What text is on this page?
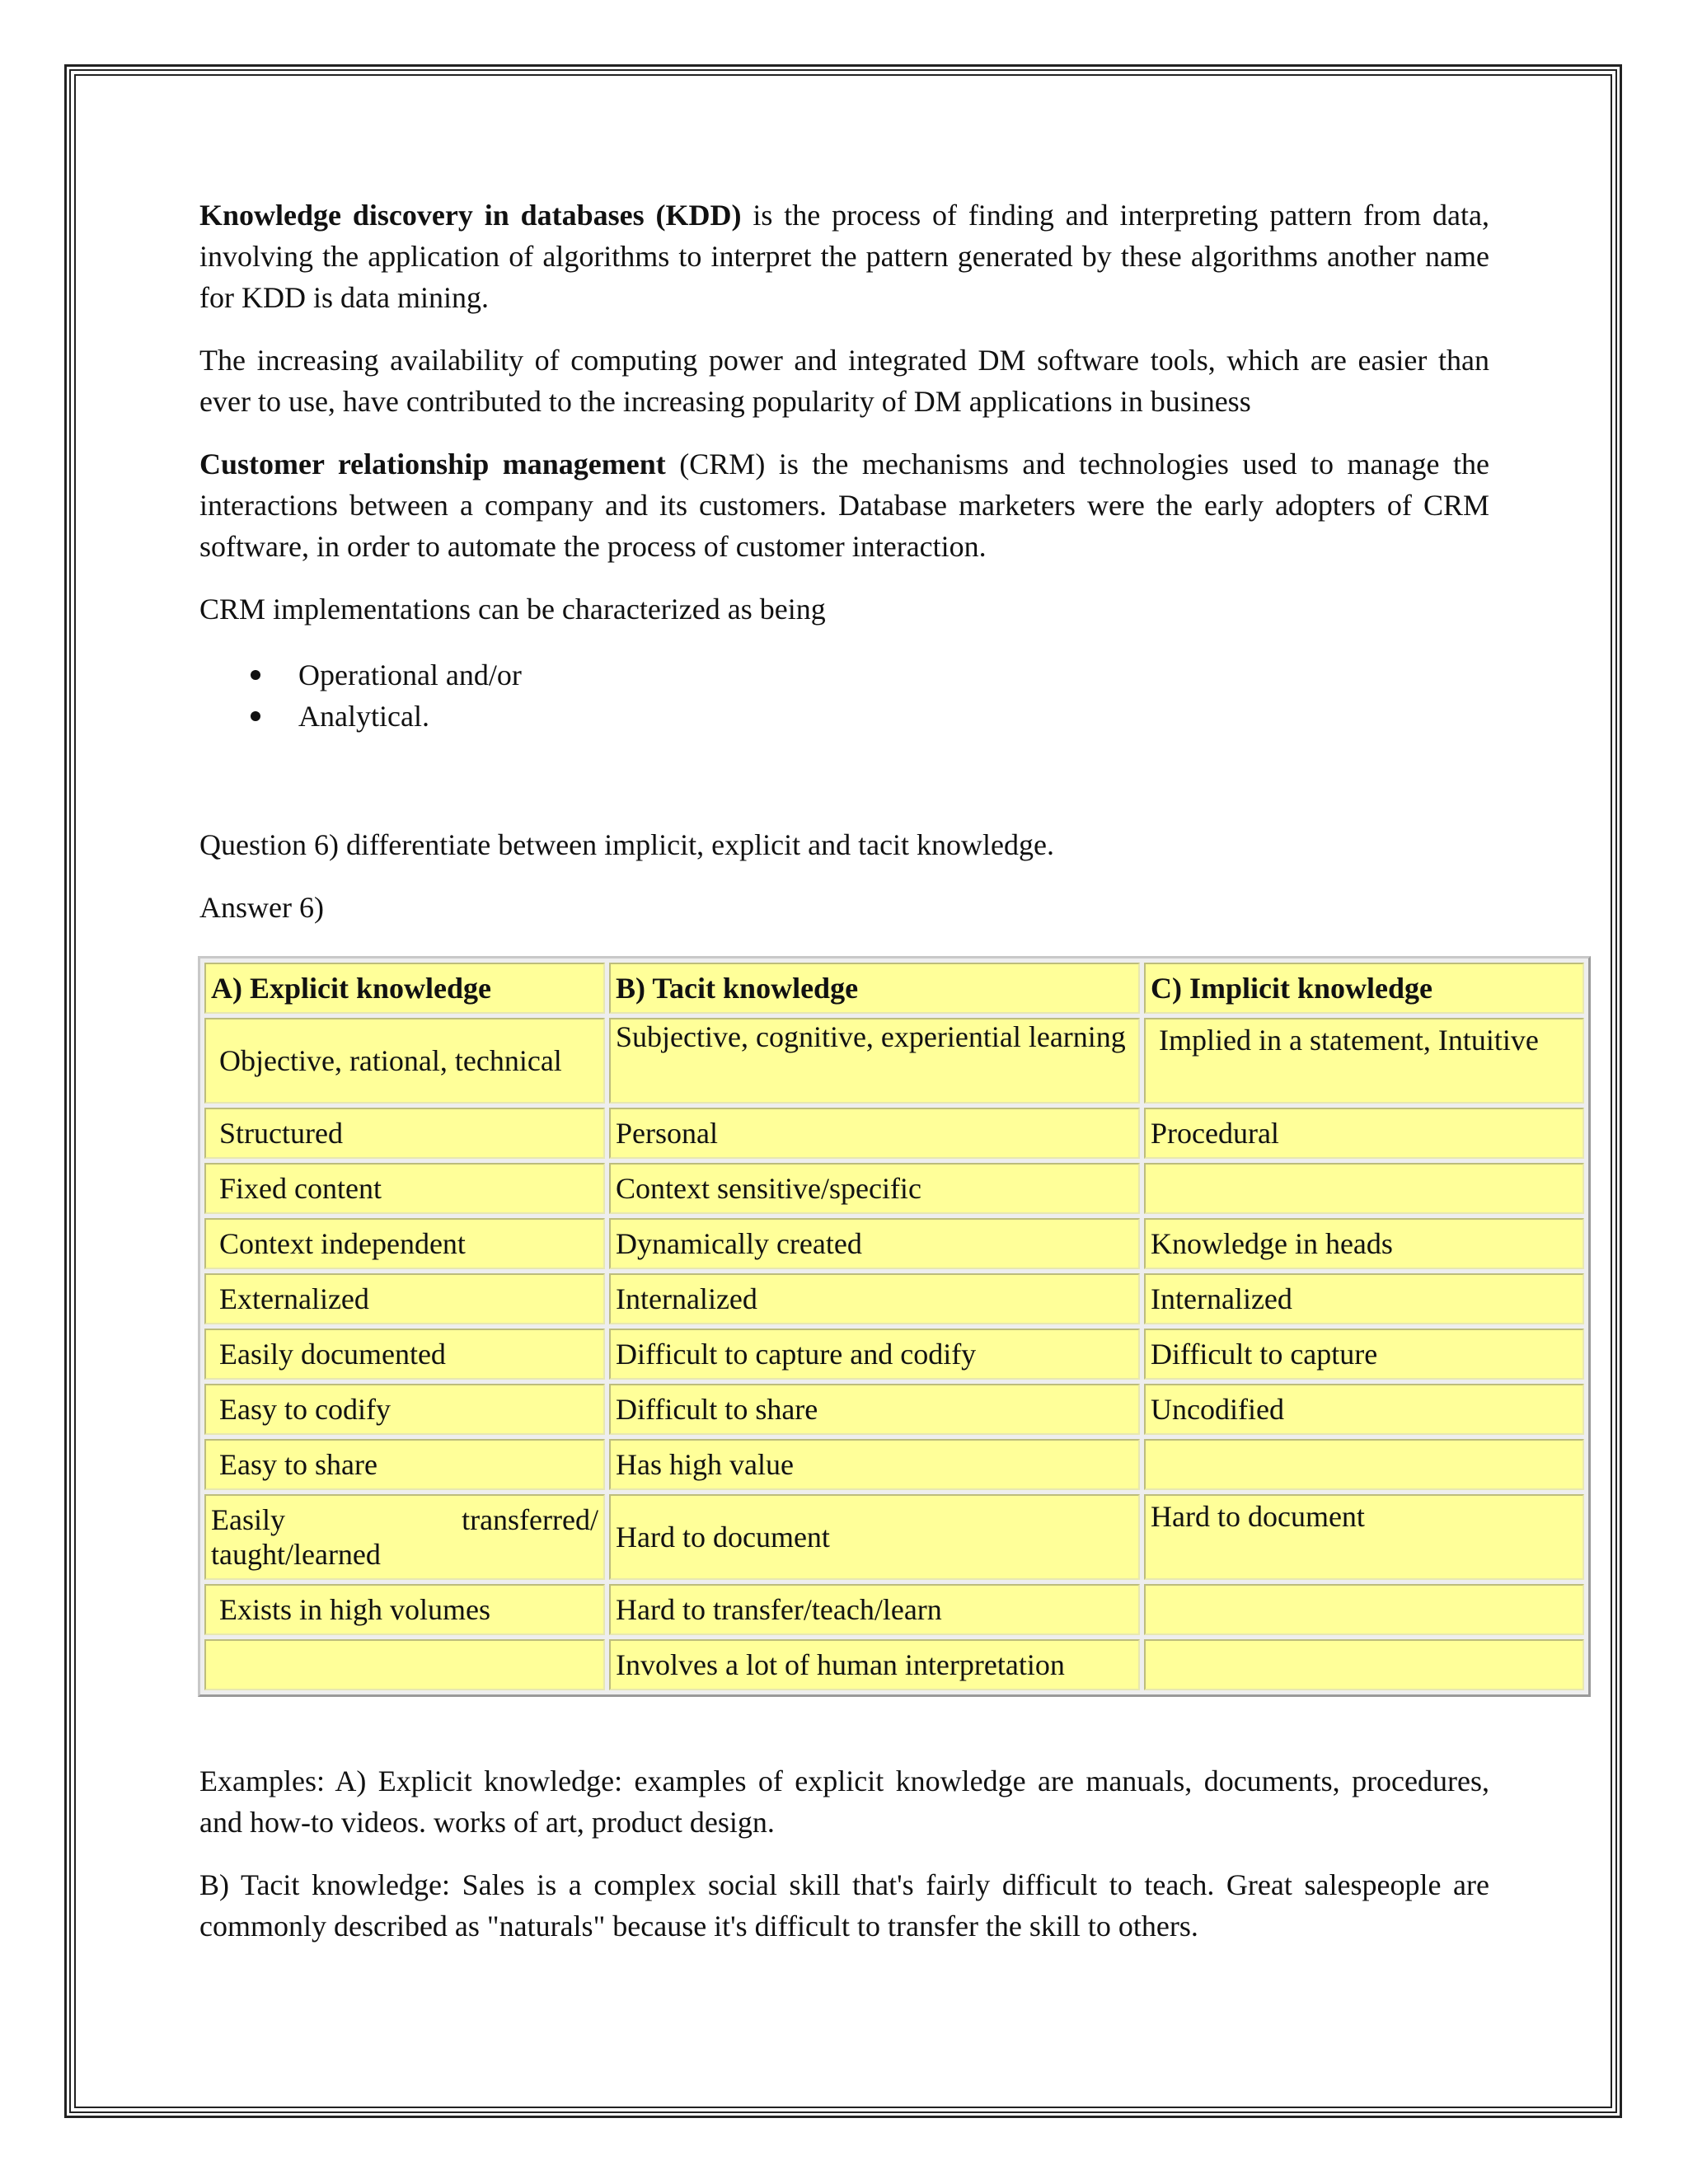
Knowledge discovery in databases (KDD) is the process of finding and interpreting pattern from data, involving the application of algorithms to interpret the pattern generated by these algorithms another name for KDD is data mining.

The increasing availability of computing power and integrated DM software tools, which are easier than ever to use, have contributed to the increasing popularity of DM applications in business

Customer relationship management (CRM) is the mechanisms and technologies used to manage the interactions between a company and its customers. Database marketers were the early adopters of CRM software, in order to automate the process of customer interaction.

CRM implementations can be characterized as being

Operational and/or
Analytical.

Question 6) differentiate between implicit, explicit and tacit knowledge.

Answer 6)

A) Explicit knowledge	B) Tacit knowledge	C) Implicit knowledge
Objective, rational, technical	Subjective, cognitive, experiential learning	Implied in a statement, Intuitive
Structured	Personal	Procedural
Fixed content	Context sensitive/specific	
Context independent	Dynamically created	Knowledge in heads
Externalized	Internalized	Internalized
Easily documented	Difficult to capture and codify	Difficult to capture
Easy to codify	Difficult to share	Uncodified
Easy to share	Has high value	

Easily transferred/ taught/learned	Hard to document	Hard to document
Exists in high volumes	Hard to transfer/teach/learn	
	Involves a lot of human interpretation	

Examples: A) Explicit knowledge: examples of explicit knowledge are manuals, documents, procedures, and how-to videos. works of art, product design.

B) Tacit knowledge: Sales is a complex social skill that's fairly difficult to teach. Great salespeople are commonly described as "naturals" because it's difficult to transfer the skill to others.
